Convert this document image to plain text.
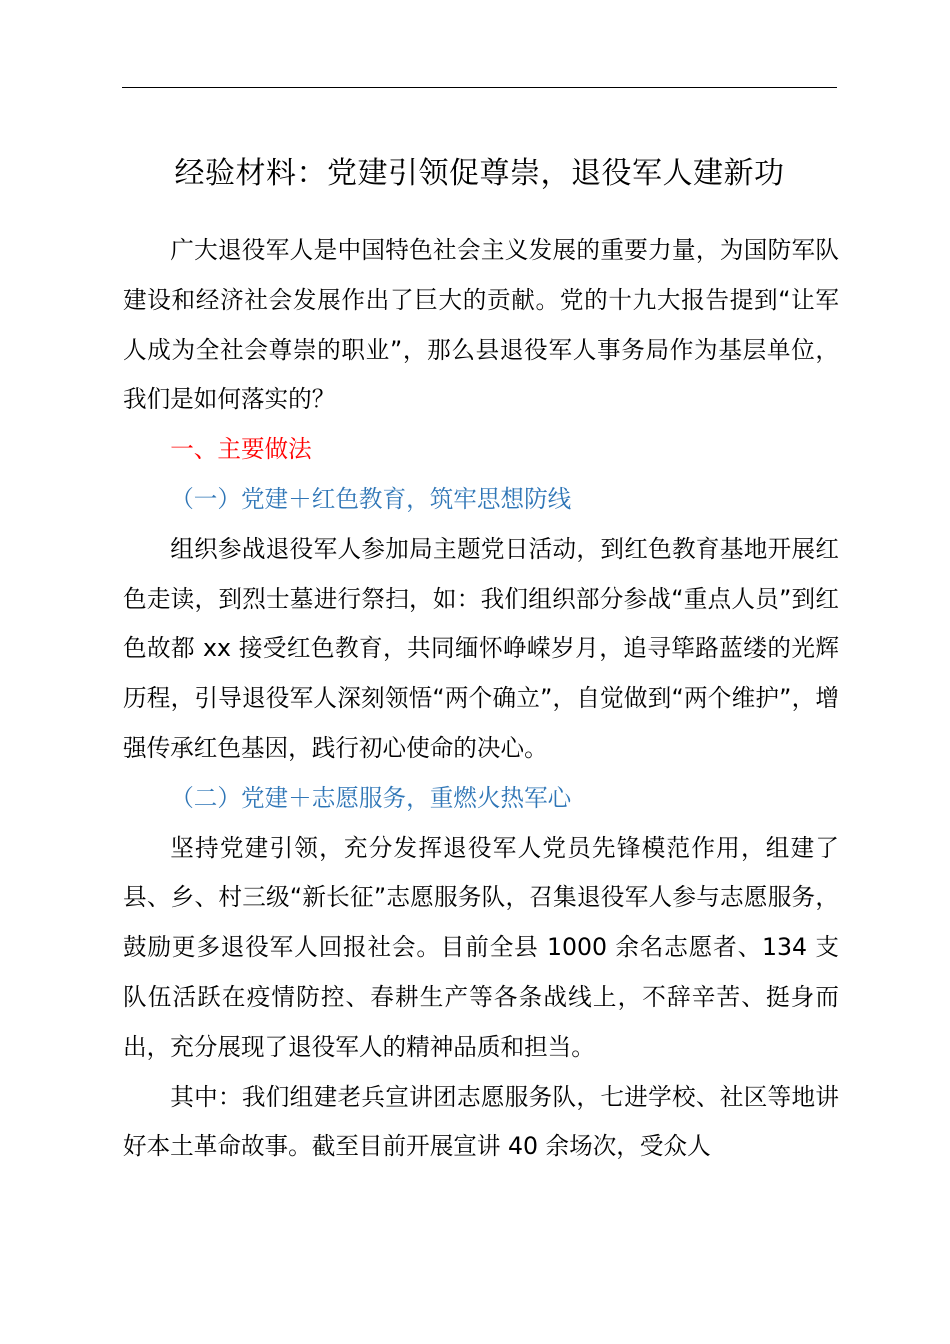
经验材料：党建引领促尊崇，退役军人建新功

广大退役军人是中国特色社会主义发展的重要力量，为国防军队建设和经济社会发展作出了巨大的贡献。党的十九大报告提到“让军人成为全社会尊崇的职业”，那么县退役军人事务局作为基层单位，我们是如何落实的？

一、主要做法

（一）党建＋红色教育，筑牢思想防线

组织参战退役军人参加局主题党日活动，到红色教育基地开展红色走读，到烈士墓进行祭扫，如：我们组织部分参战“重点人员”到红色故都 xx 接受红色教育，共同缅怀峥嵘岁月，追寻筚路蓝缕的光辉历程，引导退役军人深刻领悟“两个确立”，自觉做到“两个维护”，增强传承红色基因，践行初心使命的决心。

（二）党建＋志愿服务，重燃火热军心

坚持党建引领，充分发挥退役军人党员先锋模范作用，组建了县、乡、村三级“新长征”志愿服务队，召集退役军人参与志愿服务，鼓励更多退役军人回报社会。目前全县 1000 余名志愿者、134 支队伍活跃在疫情防控、春耕生产等各条战线上，不辞辛苦、挺身而出，充分展现了退役军人的精神品质和担当。

其中：我们组建老兵宣讲团志愿服务队，七进学校、社区等地讲好本土革命故事。截至目前开展宣讲 40 余场次，受众人
